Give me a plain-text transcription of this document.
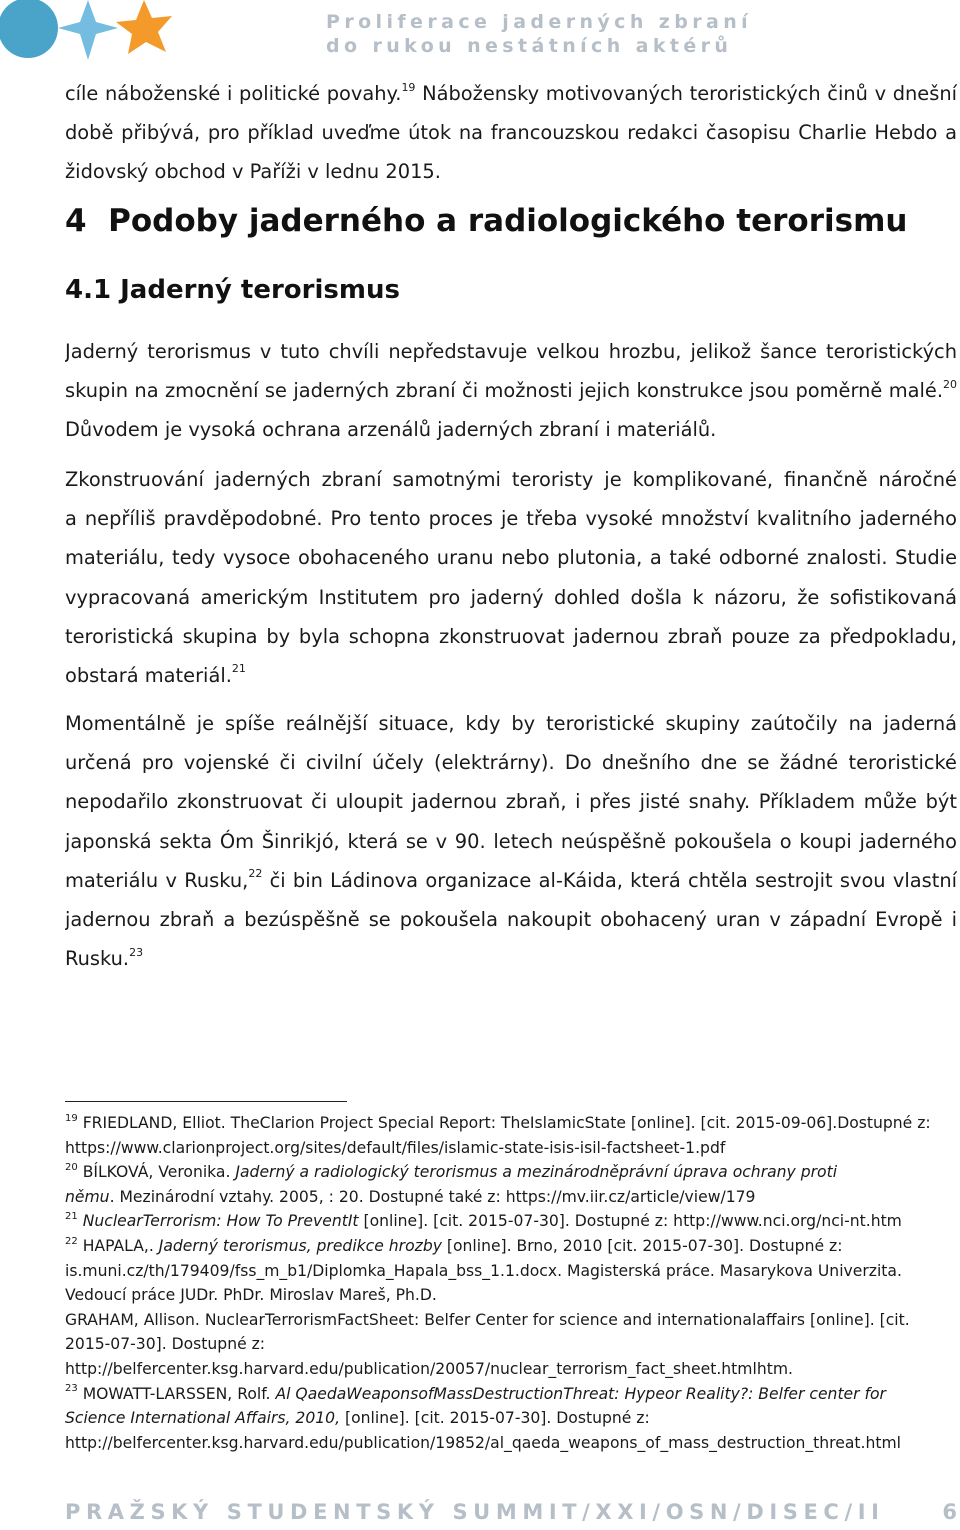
Proliferace jaderných zbraní
do rukou nestátních aktérů
cíle náboženské i politické povahy.$^{19}$ Nábožensky motivovaných teroristických činů v dnešní
době přibývá, pro příklad uveďme útok na francouzskou redakci časopisu Charlie Hebdo a
židovský obchod v Paříži v lednu 2015.
4  Podoby jaderného a radiologického terorismu
4.1 Jaderný terorismus
Jaderný terorismus v tuto chvíli nepředstavuje velkou hrozbu, jelikož šance teroristických
skupin na zmocnění se jaderných zbraní či možnosti jejich konstrukce jsou poměrně malé.$^{20}$
Důvodem je vysoká ochrana arzenálů jaderných zbraní i materiálů.
Zkonstruování jaderných zbraní samotnými teroristy je komplikované, finančně náročné
a nepříliš pravděpodobné. Pro tento proces je třeba vysoké množství kvalitního jaderného
materiálu, tedy vysoce obohaceného uranu nebo plutonia, a také odborné znalosti. Studie
vypracovaná americkým Institutem pro jaderný dohled došla k názoru, že sofistikovaná
teroristická skupina by byla schopna zkonstruovat jadernou zbraň pouze za předpokladu,
obstará materiál.$^{21}$
Momentálně je spíše reálnější situace, kdy by teroristické skupiny zaútočily na jaderná
určená pro vojenské či civilní účely (elektrárny). Do dnešního dne se žádné teroristické
nepodařilo zkonstruovat či uloupit jadernou zbraň, i přes jisté snahy. Příkladem může být
japonská sekta Óm Šinrikjó, která se v 90. letech neúspěšně pokoušela o koupi jaderného
materiálu v Rusku,$^{22}$ či bin Ládinova organizace al-Káida, která chtěla sestrojit svou vlastní
jadernou zbraň a bezúspěšně se pokoušela nakoupit obohacený uran v západní Evropě i
Rusku.$^{23}$
$^{19}$ FRIEDLAND, Elliot. TheClarion Project Special Report: TheIslamicState [online]. [cit. 2015-09-06].Dostupné z:
https://www.clarionproject.org/sites/default/files/islamic-state-isis-isil-factsheet-1.pdf
$^{20}$ BÍLKOVÁ, Veronika. Jaderný a radiologický terorismus a mezinárodněprávní úprava ochrany proti
němu. Mezinárodní vztahy. 2005, : 20. Dostupné také z: https://mv.iir.cz/article/view/179
$^{21}$ NuclearTerrorism: How To PreventIt [online]. [cit. 2015-07-30]. Dostupné z: http://www.nci.org/nci-nt.htm
$^{22}$ HAPALA,. Jaderný terorismus, predikce hrozby [online]. Brno, 2010 [cit. 2015-07-30]. Dostupné z:
is.muni.cz/th/179409/fss_m_b1/Diplomka_Hapala_bss_1.1.docx. Magisterská práce. Masarykova Univerzita.
Vedoucí práce JUDr. PhDr. Miroslav Mareš, Ph.D.
GRAHAM, Allison. NuclearTerrorismFactSheet: Belfer Center for science and internationalaffairs [online]. [cit.
2015-07-30]. Dostupné z:
http://belfercenter.ksg.harvard.edu/publication/20057/nuclear_terrorism_fact_sheet.htmlhtm.
$^{23}$ MOWATT-LARSSEN, Rolf. Al QaedaWeaponsofMassDestructionThreat: Hypeor Reality?: Belfer center for
Science International Affairs, 2010, [online]. [cit. 2015-07-30]. Dostupné z:
http://belfercenter.ksg.harvard.edu/publication/19852/al_qaeda_weapons_of_mass_destruction_threat.html
PRAŽSKÝ STUDENTSKÝ SUMMIT/XXI/OSN/DISEC/II	6
